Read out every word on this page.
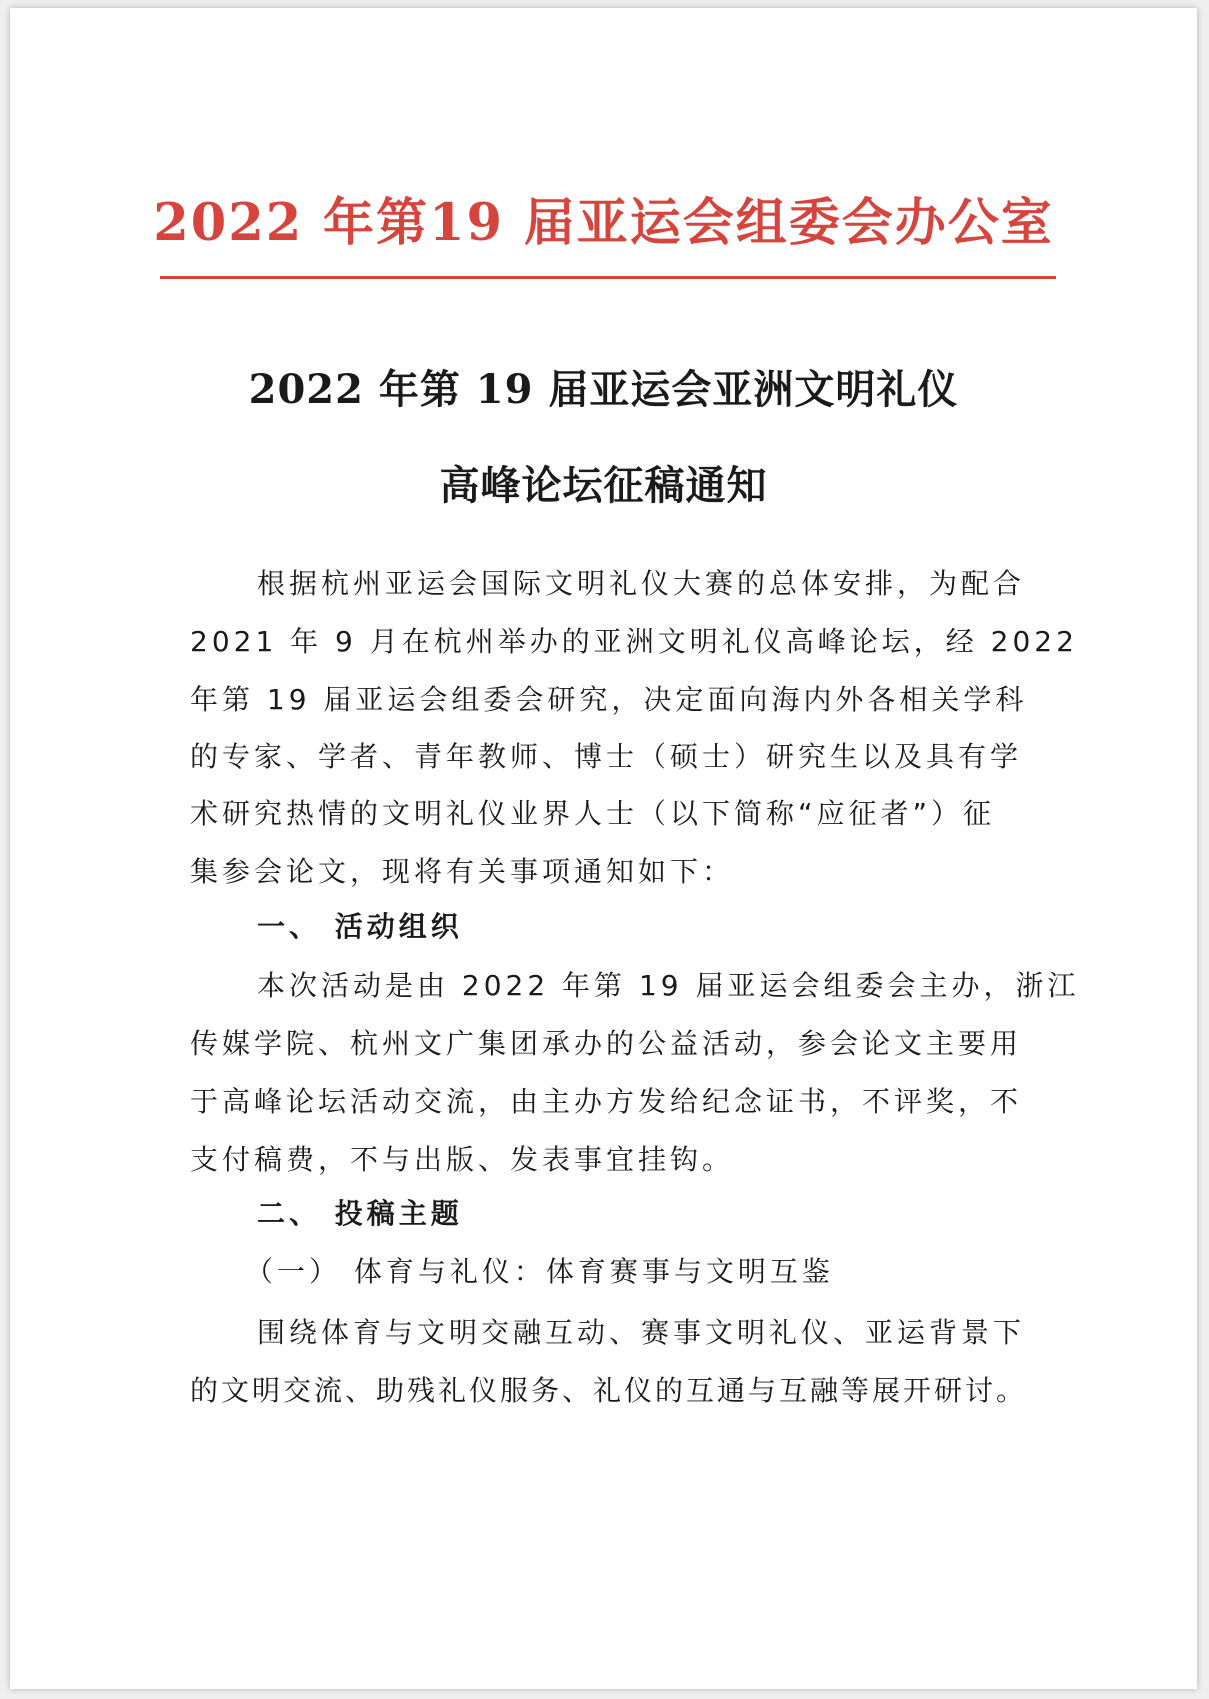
2022 年第19 届亚运会组委会办公室
2022 年第 19 届亚运会亚洲文明礼仪
高峰论坛征稿通知
根据杭州亚运会国际文明礼仪大赛的总体安排，为配合
2021 年 9 月在杭州举办的亚洲文明礼仪高峰论坛，经 2022
年第 19 届亚运会组委会研究，决定面向海内外各相关学科
的专家、学者、青年教师、博士（硕士）研究生以及具有学
术研究热情的文明礼仪业界人士（以下简称“应征者”）征
集参会论文，现将有关事项通知如下：
一、 活动组织
本次活动是由 2022 年第 19 届亚运会组委会主办，浙江
传媒学院、杭州文广集团承办的公益活动，参会论文主要用
于高峰论坛活动交流，由主办方发给纪念证书，不评奖，不
支付稿费，不与出版、发表事宜挂钩。
二、 投稿主题
（一） 体育与礼仪：体育赛事与文明互鉴
围绕体育与文明交融互动、赛事文明礼仪、亚运背景下
的文明交流、助残礼仪服务、礼仪的互通与互融等展开研讨。
